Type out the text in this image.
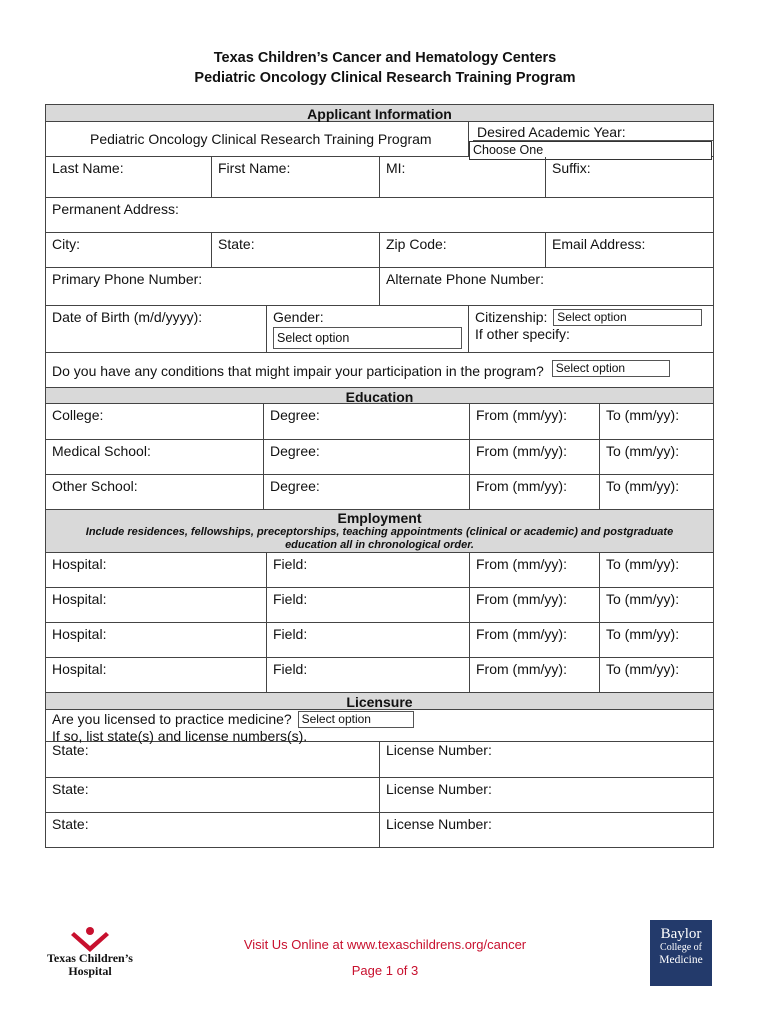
Texas Children’s Cancer and Hematology Centers
Pediatric Oncology Clinical Research Training Program
Applicant Information
Pediatric Oncology Clinical Research Training Program	Desired Academic Year:
Choose One
Last Name:	First Name:	MI:	Suffix:
Permanent Address:
City:	State:	Zip Code:	Email Address:
Primary Phone Number:	Alternate Phone Number:
Date of Birth (m/d/yyyy):	Gender:
Select option
Citizenship: Select option
If other specify:
Do you have any conditions that might impair your participation in the program? Select option
Education
College:	Degree:	From (mm/yy):	To (mm/yy):
Medical School:	Degree:	From (mm/yy):	To (mm/yy):
Other School:	Degree:	From (mm/yy):	To (mm/yy):
Employment
Include residences, fellowships, preceptorships, teaching appointments (clinical or academic) and postgraduate education all in chronological order.
Hospital:	Field:	From (mm/yy):	To (mm/yy):
Hospital:	Field:	From (mm/yy):	To (mm/yy):
Hospital:	Field:	From (mm/yy):	To (mm/yy):
Hospital:	Field:	From (mm/yy):	To (mm/yy):
Licensure
Are you licensed to practice medicine? Select option
If so, list state(s) and license numbers(s).
State:	License Number:
State:	License Number:
State:	License Number:
Texas Children’s
Hospital
Visit Us Online at www.texaschildrens.org/cancer
Page 1 of 3
Baylor
College of
Medicine
